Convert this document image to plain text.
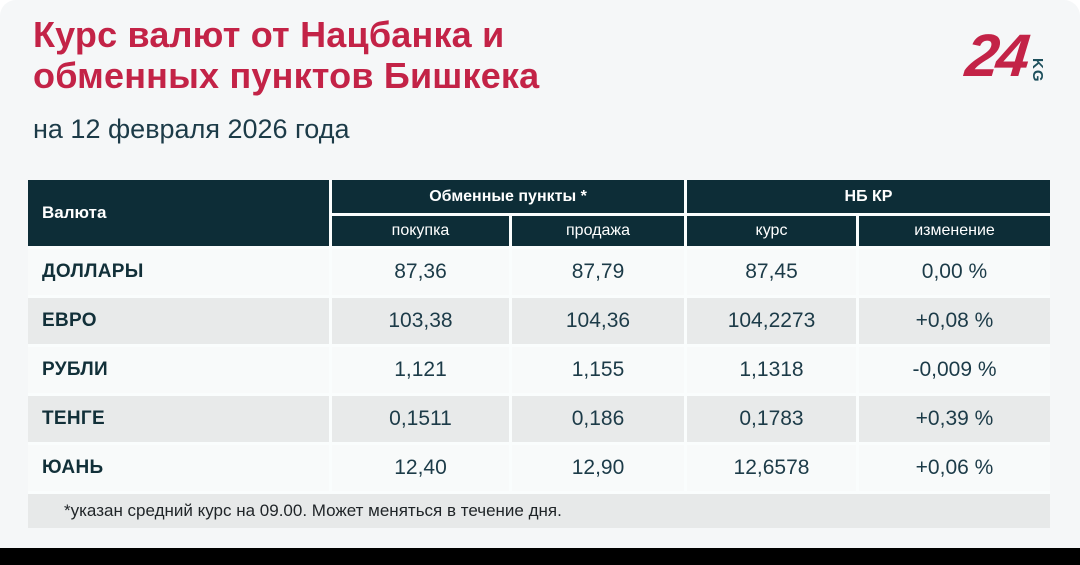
Курс валют от Нацбанка и
обменных пунктов Бишкека
на 12 февраля 2026 года
24
KG
Валюта
Обменные пункты *	НБ КР
покупка	продажа	курс	изменение
ДОЛЛАРЫ	87,36	87,79	87,45	0,00 %
ЕВРО	103,38	104,36	104,2273	+0,08 %
РУБЛИ	1,121	1,155	1,1318	-0,009 %
ТЕНГЕ	0,1511	0,186	0,1783	+0,39 %
ЮАНЬ	12,40	12,90	12,6578	+0,06 %
*указан средний курс на 09.00. Может меняться в течение дня.
